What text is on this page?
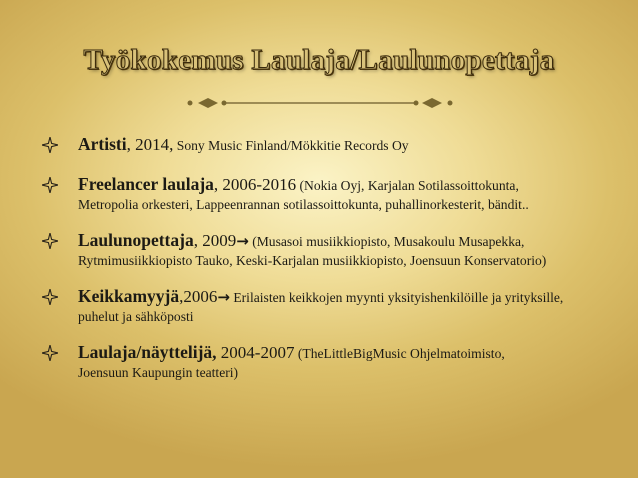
Työkokemus Laulaja/Laulunopettaja
Artisti, 2014, Sony Music Finland/Mökkitie Records Oy
Freelancer laulaja, 2006-2016 (Nokia Oyj, Karjalan Sotilassoittokunta,
Metropolia orkesteri, Lappeenrannan sotilassoittokunta, puhallinorkesterit, bändit..
Laulunopettaja, 2009→ (Musasoi musiikkiopisto, Musakoulu Musapekka,
Rytmimusiikkiopisto Tauko, Keski-Karjalan musiikkiopisto, Joensuun Konservatorio)
Keikkamyyjä,2006→ Erilaisten keikkojen myynti yksityishenkilöille ja yrityksille,
puhelut ja sähköposti
Laulaja/näyttelijä, 2004-2007 (TheLittleBigMusic Ohjelmatoimisto,
Joensuun Kaupungin teatteri)
